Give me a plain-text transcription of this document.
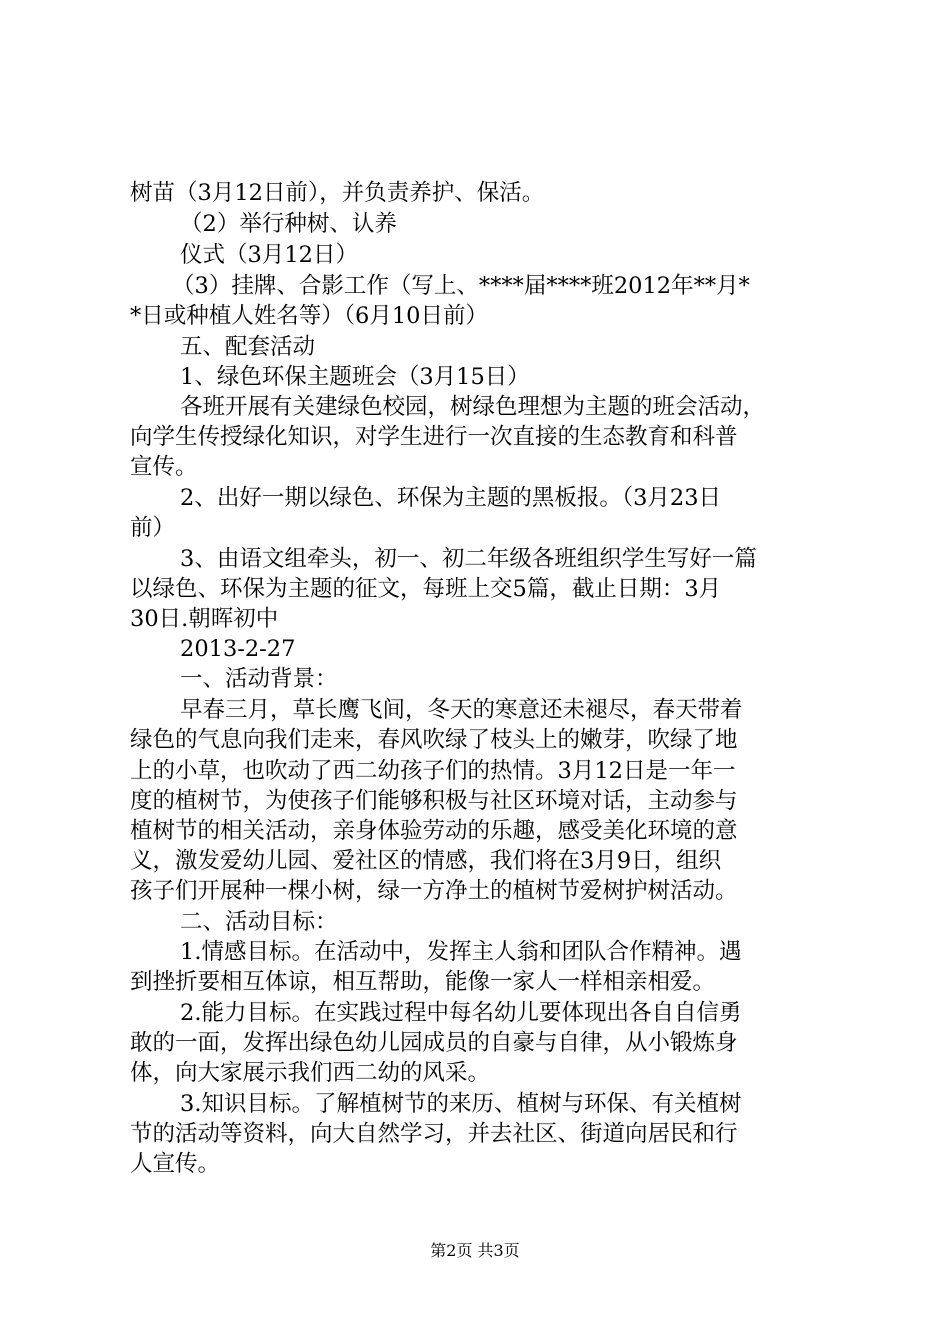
树苗（3月12日前），并负责养护、保活。
（2）举行种树、认养
仪式（3月12日）
（3）挂牌、合影工作（写上、****届****班2012年**月*
*日或种植人姓名等）（6月10日前）
五、配套活动
1、绿色环保主题班会（3月15日）
各班开展有关建绿色校园，树绿色理想为主题的班会活动，
向学生传授绿化知识，对学生进行一次直接的生态教育和科普
宣传。
2、出好一期以绿色、环保为主题的黑板报。（3月23日
前）
3、由语文组牵头，初一、初二年级各班组织学生写好一篇
以绿色、环保为主题的征文，每班上交5篇，截止日期：3月
30日.朝晖初中
2013-2-27
一、活动背景：
早春三月，草长鹰飞间，冬天的寒意还未褪尽，春天带着
绿色的气息向我们走来，春风吹绿了枝头上的嫩芽，吹绿了地
上的小草，也吹动了西二幼孩子们的热情。3月12日是一年一
度的植树节，为使孩子们能够积极与社区环境对话，主动参与
植树节的相关活动，亲身体验劳动的乐趣，感受美化环境的意
义，激发爱幼儿园、爱社区的情感，我们将在3月9日，组织
孩子们开展种一棵小树，绿一方净土的植树节爱树护树活动。
二、活动目标：
1.情感目标。在活动中，发挥主人翁和团队合作精神。遇
到挫折要相互体谅，相互帮助，能像一家人一样相亲相爱。
2.能力目标。在实践过程中每名幼儿要体现出各自自信勇
敢的一面，发挥出绿色幼儿园成员的自豪与自律，从小锻炼身
体，向大家展示我们西二幼的风采。
3.知识目标。了解植树节的来历、植树与环保、有关植树
节的活动等资料，向大自然学习，并去社区、街道向居民和行
人宣传。
第2页 共3页
